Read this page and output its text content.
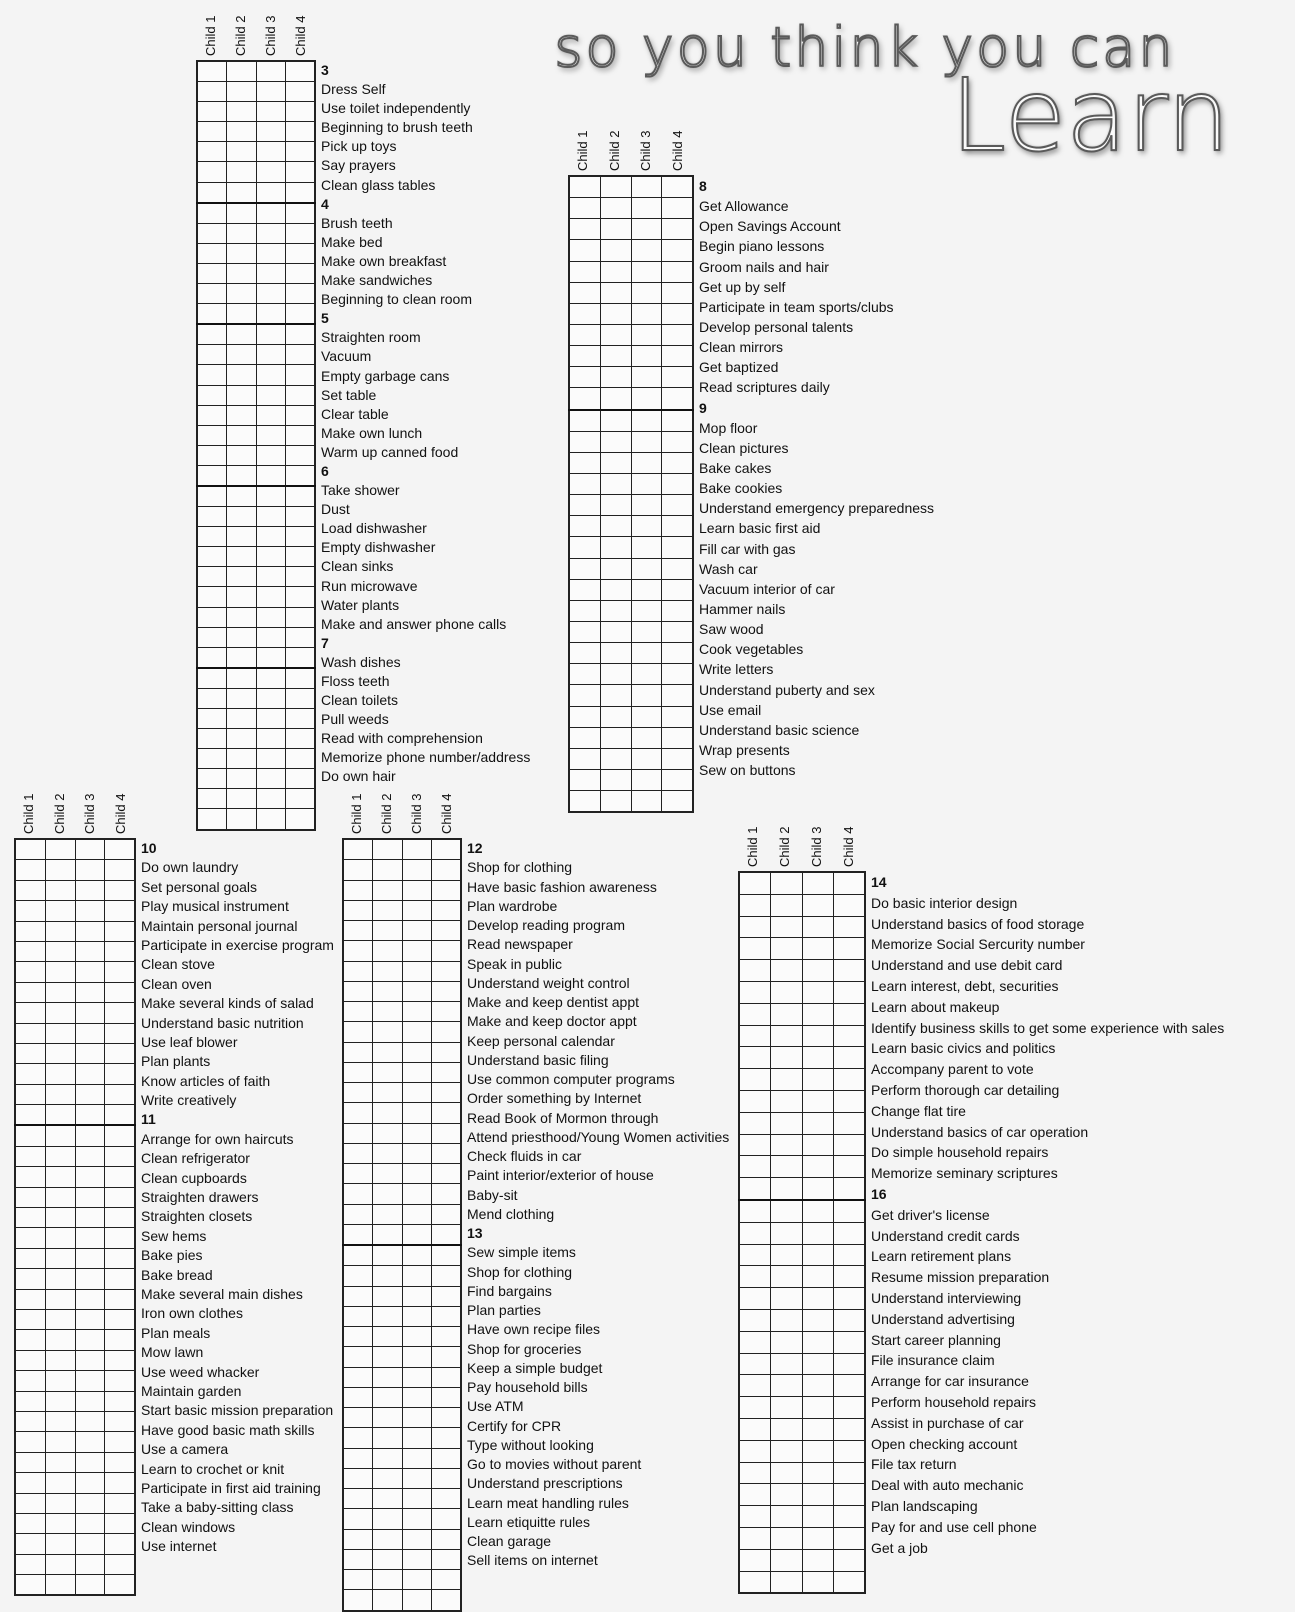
so you think you can
Learn
Child 1 Child 2 Child 3 Child 4

3
Dress Self
Use toilet independently
Beginning to brush teeth
Pick up toys
Say prayers
Clean glass tables
4
Brush teeth
Make bed
Make own breakfast
Make sandwiches
Beginning to clean room
5
Straighten room
Vacuum
Empty garbage cans
Set table
Clear table
Make own lunch
Warm up canned food
6
Take shower
Dust
Load dishwasher
Empty dishwasher
Clean sinks
Run microwave
Water plants
Make and answer phone calls
7
Wash dishes
Floss teeth
Clean toilets
Pull weeds
Read with comprehension
Memorize phone number/address
Do own hair
Child 1 Child 2 Child 3 Child 4

8
Get Allowance
Open Savings Account
Begin piano lessons
Groom nails and hair
Get up by self
Participate in team sports/clubs
Develop personal talents
Clean mirrors
Get baptized
Read scriptures daily
9
Mop floor
Clean pictures
Bake cakes
Bake cookies
Understand emergency preparedness
Learn basic first aid
Fill car with gas
Wash car
Vacuum interior of car
Hammer nails
Saw wood
Cook vegetables
Write letters
Understand puberty and sex
Use email
Understand basic science
Wrap presents
Sew on buttons
Child 1 Child 2 Child 3 Child 4

10
Do own laundry
Set personal goals
Play musical instrument
Maintain personal journal
Participate in exercise program
Clean stove
Clean oven
Make several kinds of salad
Understand basic nutrition
Use leaf blower
Plan plants
Know articles of faith
Write creatively
11
Arrange for own haircuts
Clean refrigerator
Clean cupboards
Straighten drawers
Straighten closets
Sew hems
Bake pies
Bake bread
Make several main dishes
Iron own clothes
Plan meals
Mow lawn
Use weed whacker
Maintain garden
Start basic mission preparation
Have good basic math skills
Use a camera
Learn to crochet or knit
Participate in first aid training
Take a baby-sitting class
Clean windows
Use internet
Child 1 Child 2 Child 3 Child 4

12
Shop for clothing
Have basic fashion awareness
Plan wardrobe
Develop reading program
Read newspaper
Speak in public
Understand weight control
Make and keep dentist appt
Make and keep doctor appt
Keep personal calendar
Understand basic filing
Use common computer programs
Order something by Internet
Read Book of Mormon through
Attend priesthood/Young Women activities
Check fluids in car
Paint interior/exterior of house
Baby-sit
Mend clothing
13
Sew simple items
Shop for clothing
Find bargains
Plan parties
Have own recipe files
Shop for groceries
Keep a simple budget
Pay household bills
Use ATM
Certify for CPR
Type without looking
Go to movies without parent
Understand prescriptions
Learn meat handling rules
Learn etiquitte rules
Clean garage
Sell items on internet
Child 1 Child 2 Child 3 Child 4

14
Do basic interior design
Understand basics of food storage
Memorize Social Sercurity number
Understand and use debit card
Learn interest, debt, securities
Learn about makeup
Identify business skills to get some experience with sales
Learn basic civics and politics
Accompany parent to vote
Perform thorough car detailing
Change flat tire
Understand basics of car operation
Do simple household repairs
Memorize seminary scriptures
16
Get driver's license
Understand credit cards
Learn retirement plans
Resume mission preparation
Understand interviewing
Understand advertising
Start career planning
File insurance claim
Arrange for car insurance
Perform household repairs
Assist in purchase of car
Open checking account
File tax return
Deal with auto mechanic
Plan landscaping
Pay for and use cell phone
Get a job
